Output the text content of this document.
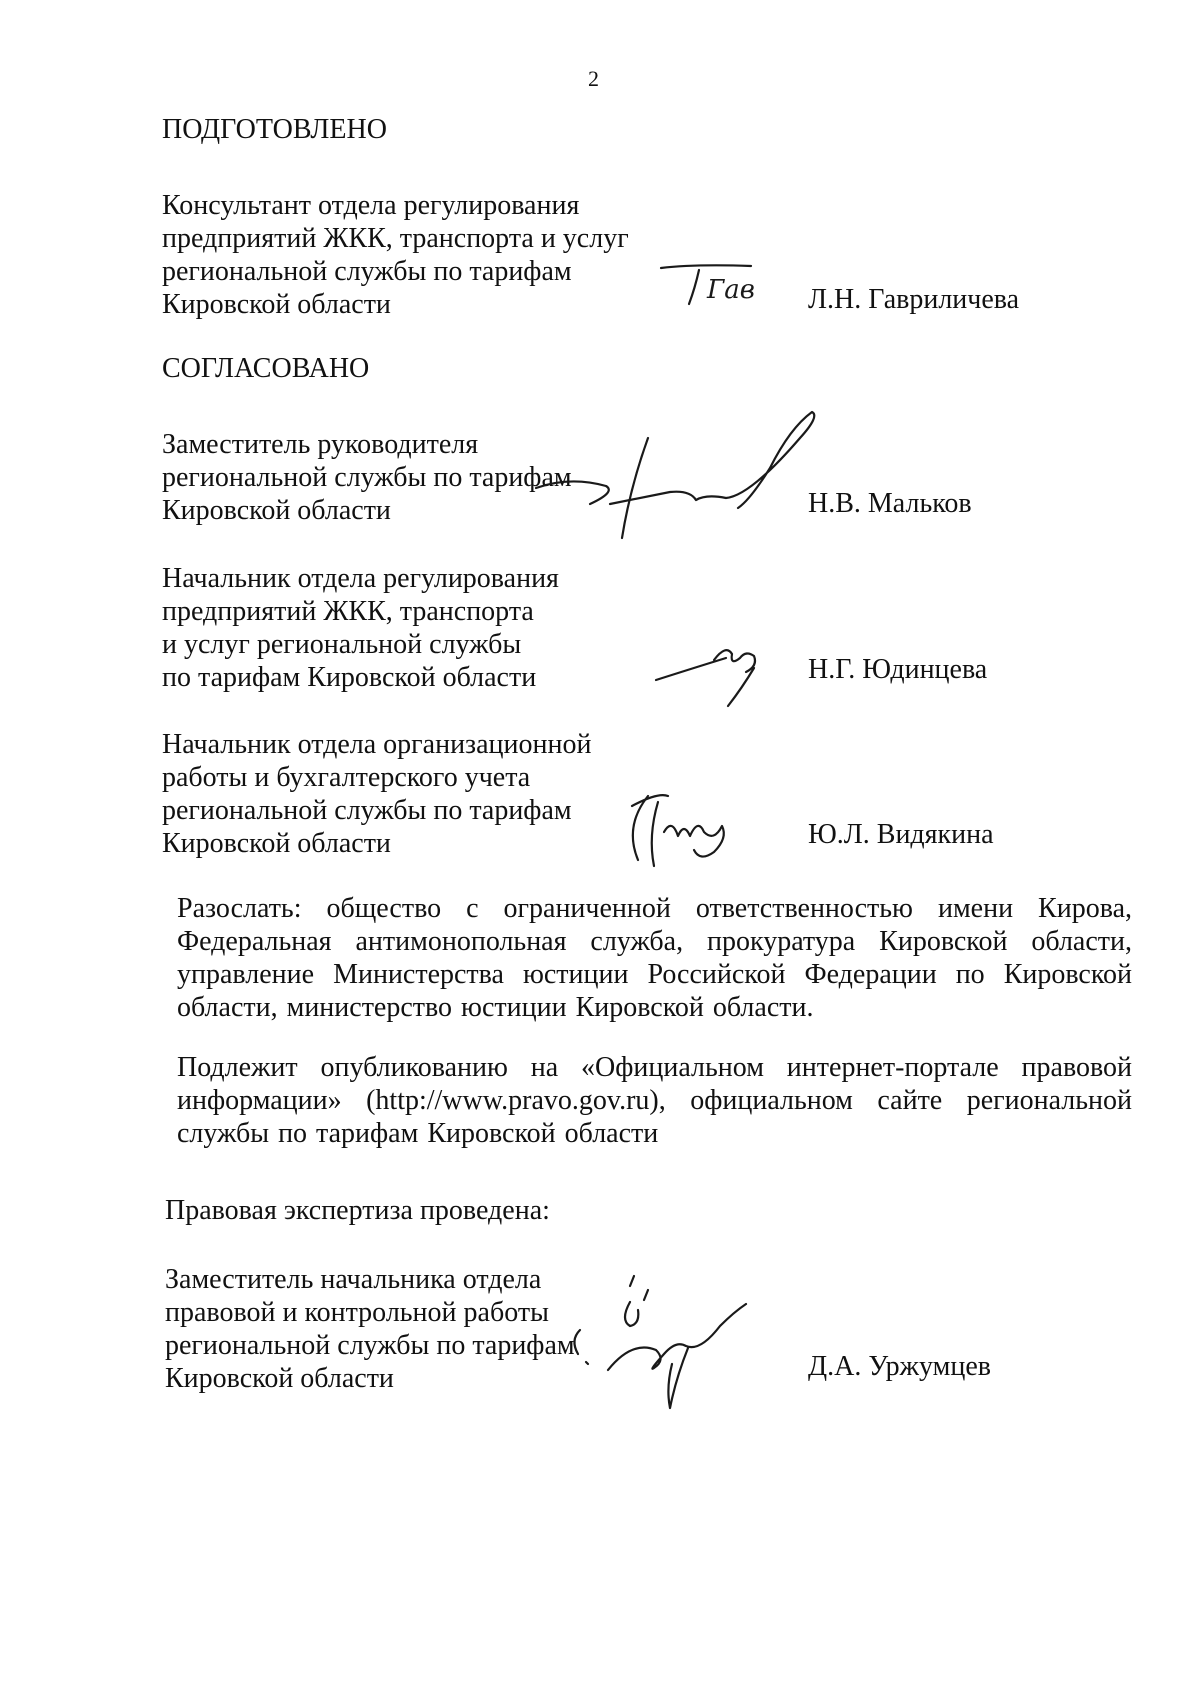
2
ПОДГОТОВЛЕНО
Консультант отдела регулирования
предприятий ЖКК, транспорта и услуг
региональной службы по тарифам
Кировской области	Гав Л.Н. Гавриличева
СОГЛАСОВАНО
Заместитель руководителя
региональной службы по тарифам
Кировской области	Н.В. Мальков
Начальник отдела регулирования
предприятий ЖКК, транспорта
и услуг региональной службы
по тарифам Кировской области	Н.Г. Юдинцева
Начальник отдела организационной
работы и бухгалтерского учета
региональной службы по тарифам
Кировской области	Ю.Л. Видякина
Разослать: общество с ограниченной ответственностью имени Кирова, Федеральная антимонопольная служба, прокуратура Кировской области, управление Министерства юстиции Российской Федерации по Кировской области, министерство юстиции Кировской области.
Подлежит опубликованию на «Официальном интернет-портале правовой информации» (http://www.pravo.gov.ru), официальном сайте региональной службы по тарифам Кировской области
Правовая экспертиза проведена:
Заместитель начальника отдела
правовой и контрольной работы
региональной службы по тарифам
Кировской области	Д.А. Уржумцев
